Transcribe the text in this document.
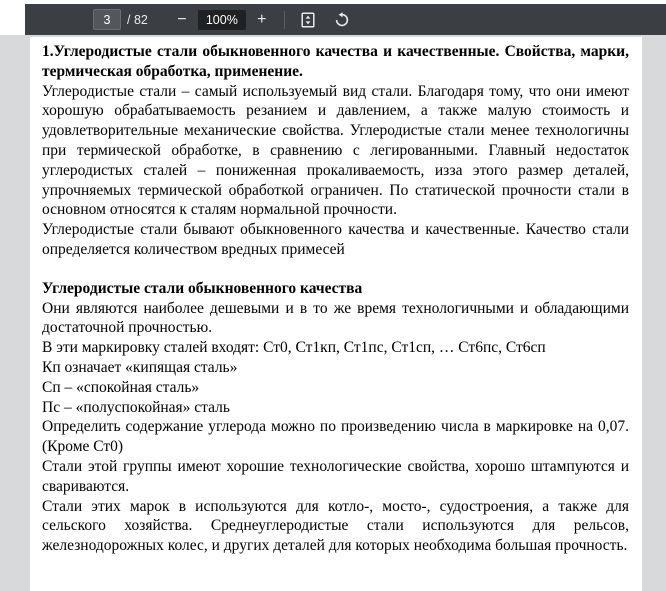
3
/ 82	−	100%	+

1.Углеродистые стали обыкновенного качества и качественные. Свойства, марки, термическая обработка, применение.

Углеродистые стали – самый используемый вид стали. Благодаря тому, что они имеют хорошую обрабатываемость резанием и давлением, а также малую стоимость и удовлетворительные механические свойства. Углеродистые стали менее технологичны при термической обработке, в сравнению с легированными. Главный недостаток углеродистых сталей – пониженная прокаливаемость, изза этого размер деталей, упрочняемых термической обработкой ограничен. По статической прочности стали в основном относятся к сталям нормальной прочности.

Углеродистые стали бывают обыкновенного качества и качественные. Качество стали определяется количеством вредных примесей

Углеродистые стали обыкновенного качества

Они являются наиболее дешевыми и в то же время технологичными и обладающими достаточной прочностью.

В эти маркировку сталей входят: Ст0, Ст1кп, Ст1пс, Ст1сп, … Ст6пс, Ст6сп

Кп означает «кипящая сталь»

Сп – «спокойная сталь»

Пс – «полуспокойная» сталь

Определить содержание углерода можно по произведению числа в маркировке на 0,07.(Кроме Ст0)

Стали этой группы имеют хорошие технологические свойства, хорошо штампуются и свариваются.

Стали этих марок в используются для котло-, мосто-, судостроения, а также для сельского хозяйства. Среднеуглеродистые стали используются для рельсов, железнодорожных колес, и других деталей для которых необходима большая прочность.
